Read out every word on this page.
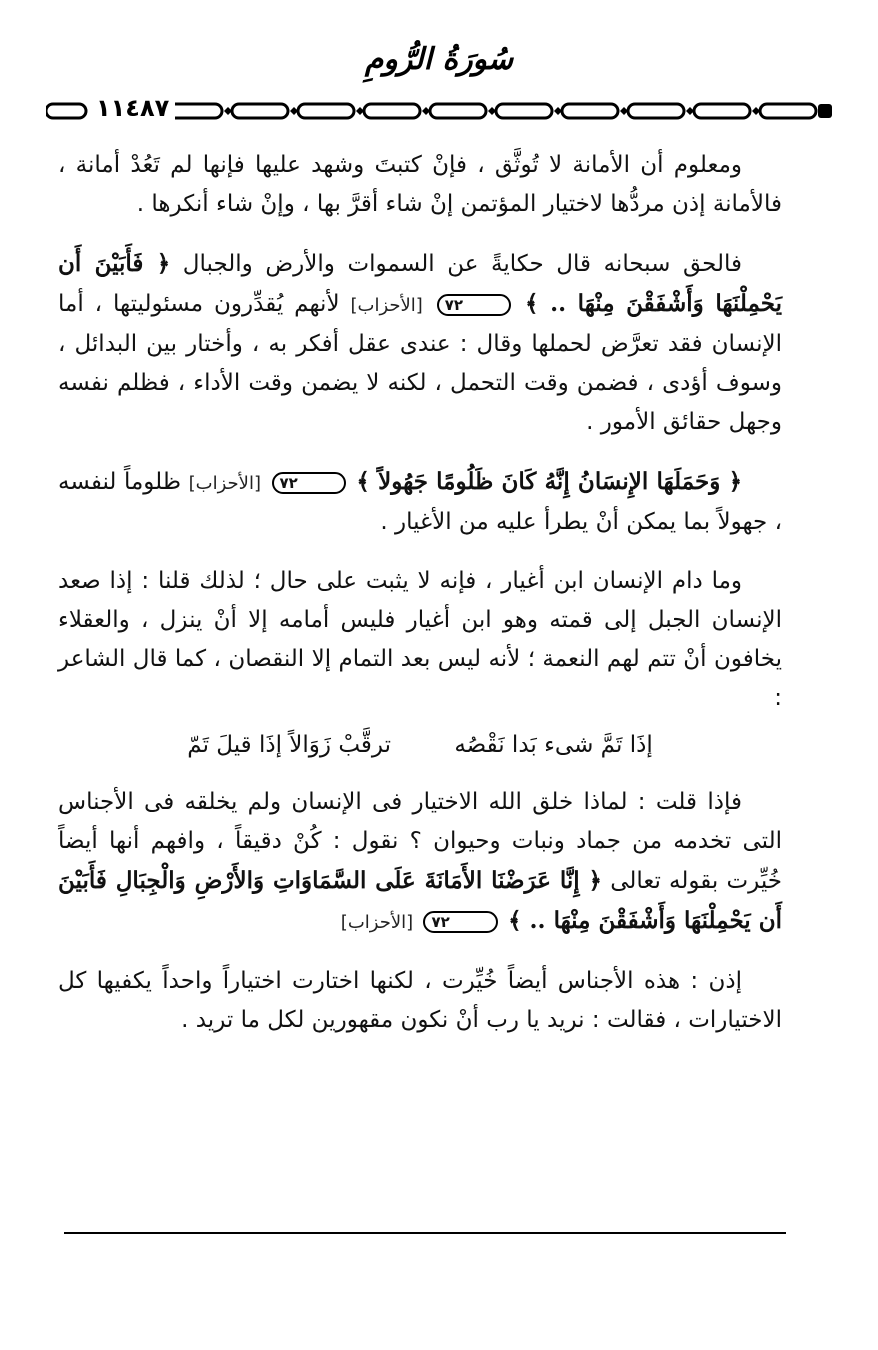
سُورَةُ الرُّومِ
١١٤٨٧

ومعلوم أن الأمانة لا تُوثَّق ، فإنْ كتبتَ وشهد عليها فإنها لم تَعُدْ أمانة ، فالأمانة إذن مردُّها لاختيار المؤتمن إنْ شاء أقرَّ بها ، وإنْ شاء أنكرها .

فالحق سبحانه قال حكايةً عن السموات والأرض والجبال ﴿ فَأَبَيْنَ أَن يَحْمِلْنَهَا وَأَشْفَقْنَ مِنْهَا .. ﴾ ٧٢ [الأحزاب] لأنهم يُقدِّرون مسئوليتها ، أما الإنسان فقد تعرَّض لحملها وقال : عندى عقل أفكر به ، وأختار بين البدائل ، وسوف أؤدى ، فضمن وقت التحمل ، لكنه لا يضمن وقت الأداء ، فظلم نفسه وجهل حقائق الأمور .

﴿ وَحَمَلَهَا الإِنسَانُ إِنَّهُ كَانَ ظَلُومًا جَهُولاً ﴾ ٧٢ [الأحزاب] ظلوماً لنفسه ، جهولاً بما يمكن أنْ يطرأ عليه من الأغيار .

وما دام الإنسان ابن أغيار ، فإنه لا يثبت على حال ؛ لذلك قلنا : إذا صعد الإنسان الجبل إلى قمته وهو ابن أغيار فليس أمامه إلا أنْ ينزل ، والعقلاء يخافون أنْ تتم لهم النعمة ؛ لأنه ليس بعد التمام إلا النقصان ، كما قال الشاعر :

إذَا تَمَّ شىء بَدا نَقْصُه ترقَّبْ زَوَالاً إذَا قيلَ تَمّ

فإذا قلت : لماذا خلق الله الاختيار فى الإنسان ولم يخلقه فى الأجناس التى تخدمه من جماد ونبات وحيوان ؟ نقول : كُنْ دقيقاً ، وافهم أنها أيضاً خُيِّرت بقوله تعالى ﴿ إِنَّا عَرَضْنَا الأَمَانَةَ عَلَى السَّمَاوَاتِ وَالأَرْضِ وَالْجِبَالِ فَأَبَيْنَ أَن يَحْمِلْنَهَا وَأَشْفَقْنَ مِنْهَا .. ﴾ ٧٢ [الأحزاب]

إذن : هذه الأجناس أيضاً خُيِّرت ، لكنها اختارت اختياراً واحداً يكفيها كل الاختيارات ، فقالت : نريد يا رب أنْ نكون مقهورين لكل ما تريد .
